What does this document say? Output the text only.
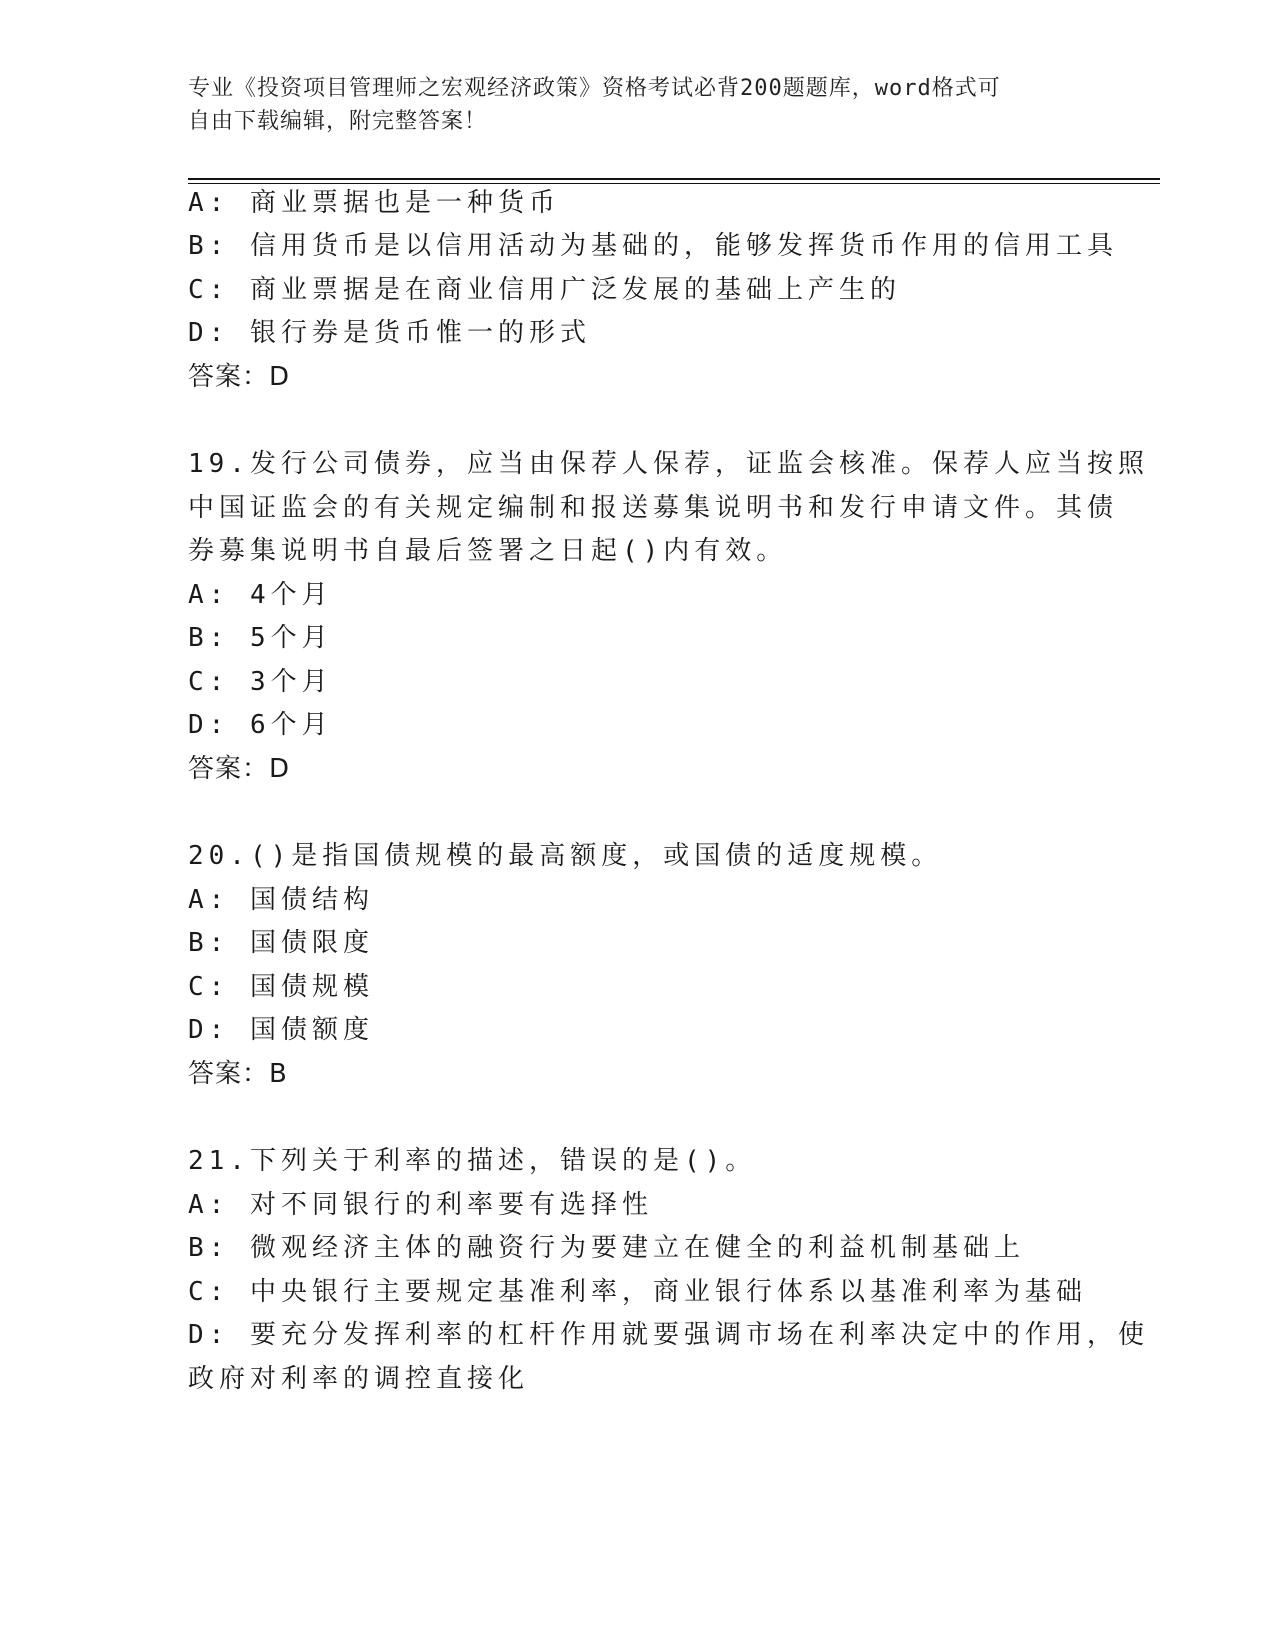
专业《投资项目管理师之宏观经济政策》资格考试必背200题题库，word格式可
自由下载编辑，附完整答案！
A: 商业票据也是一种货币
B: 信用货币是以信用活动为基础的，能够发挥货币作用的信用工具
C: 商业票据是在商业信用广泛发展的基础上产生的
D: 银行券是货币惟一的形式
答案：D
19.发行公司债券，应当由保荐人保荐，证监会核准。保荐人应当按照
中国证监会的有关规定编制和报送募集说明书和发行申请文件。其债
券募集说明书自最后签署之日起()内有效。
A: 4个月
B: 5个月
C: 3个月
D: 6个月
答案：D
20.()是指国债规模的最高额度，或国债的适度规模。
A: 国债结构
B: 国债限度
C: 国债规模
D: 国债额度
答案：B
21.下列关于利率的描述，错误的是()。
A: 对不同银行的利率要有选择性
B: 微观经济主体的融资行为要建立在健全的利益机制基础上
C: 中央银行主要规定基准利率，商业银行体系以基准利率为基础
D: 要充分发挥利率的杠杆作用就要强调市场在利率决定中的作用，使
政府对利率的调控直接化
